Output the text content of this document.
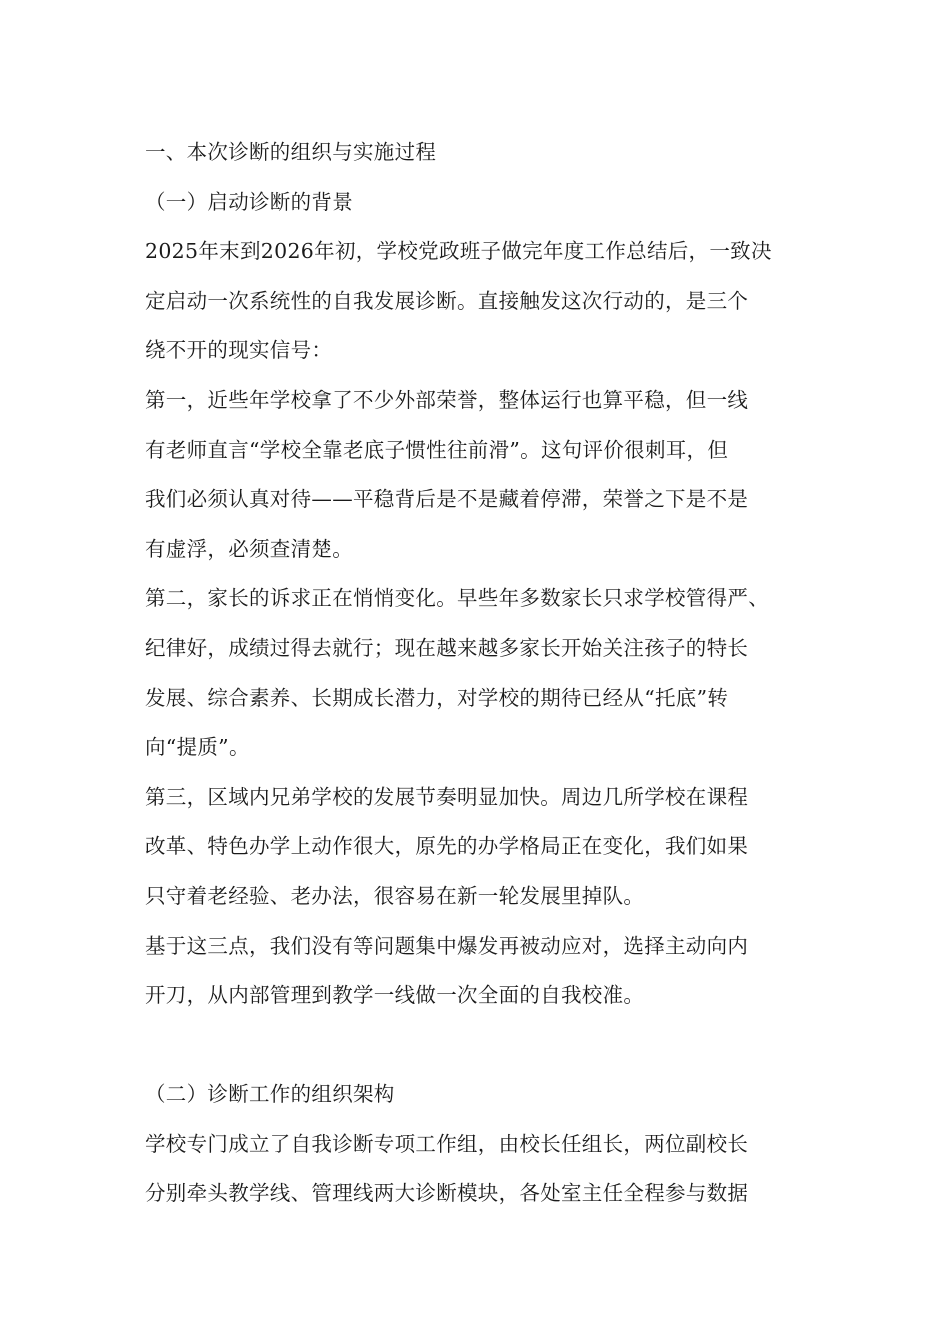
一、本次诊断的组织与实施过程
（一）启动诊断的背景
2025年末到2026年初，学校党政班子做完年度工作总结后，一致决
定启动一次系统性的自我发展诊断。直接触发这次行动的，是三个
绕不开的现实信号：
第一，近些年学校拿了不少外部荣誉，整体运行也算平稳，但一线
有老师直言“学校全靠老底子惯性往前滑”。这句评价很刺耳，但
我们必须认真对待——平稳背后是不是藏着停滞，荣誉之下是不是
有虚浮，必须查清楚。
第二，家长的诉求正在悄悄变化。早些年多数家长只求学校管得严、
纪律好，成绩过得去就行；现在越来越多家长开始关注孩子的特长
发展、综合素养、长期成长潜力，对学校的期待已经从“托底”转
向“提质”。
第三，区域内兄弟学校的发展节奏明显加快。周边几所学校在课程
改革、特色办学上动作很大，原先的办学格局正在变化，我们如果
只守着老经验、老办法，很容易在新一轮发展里掉队。
基于这三点，我们没有等问题集中爆发再被动应对，选择主动向内
开刀，从内部管理到教学一线做一次全面的自我校准。
（二）诊断工作的组织架构
学校专门成立了自我诊断专项工作组，由校长任组长，两位副校长
分别牵头教学线、管理线两大诊断模块，各处室主任全程参与数据
